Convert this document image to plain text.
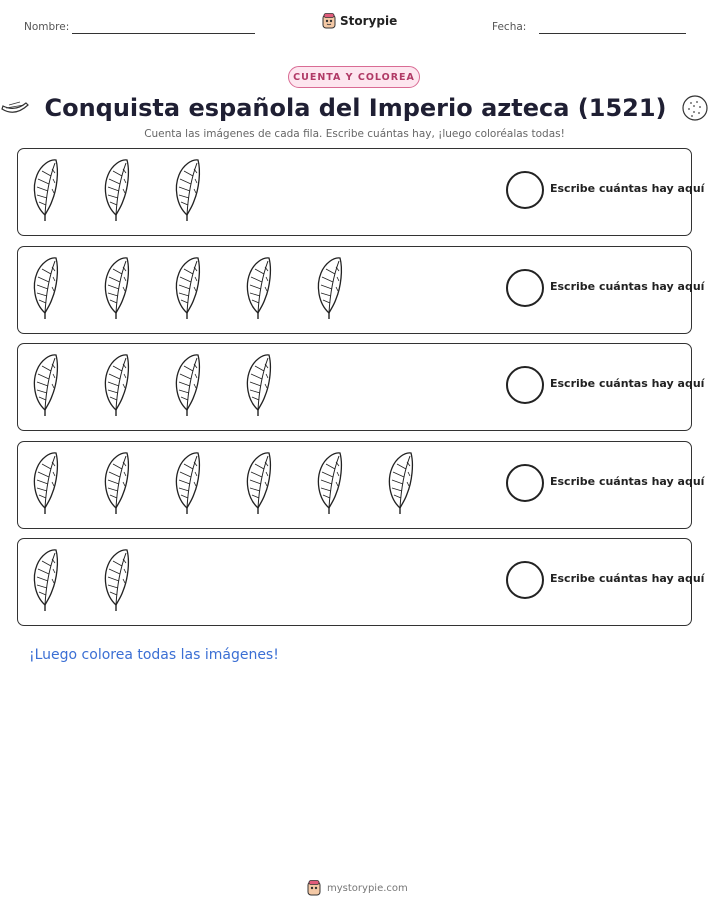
Nombre:	Storypie	Fecha:
CUENTA Y COLOREA
Conquista española del Imperio azteca (1521)
Cuenta las imágenes de cada fila. Escribe cuántas hay, ¡luego coloréalas todas!
Escribe cuántas hay aquí
Escribe cuántas hay aquí
Escribe cuántas hay aquí
Escribe cuántas hay aquí
Escribe cuántas hay aquí
¡Luego colorea todas las imágenes!
mystorypie.com
